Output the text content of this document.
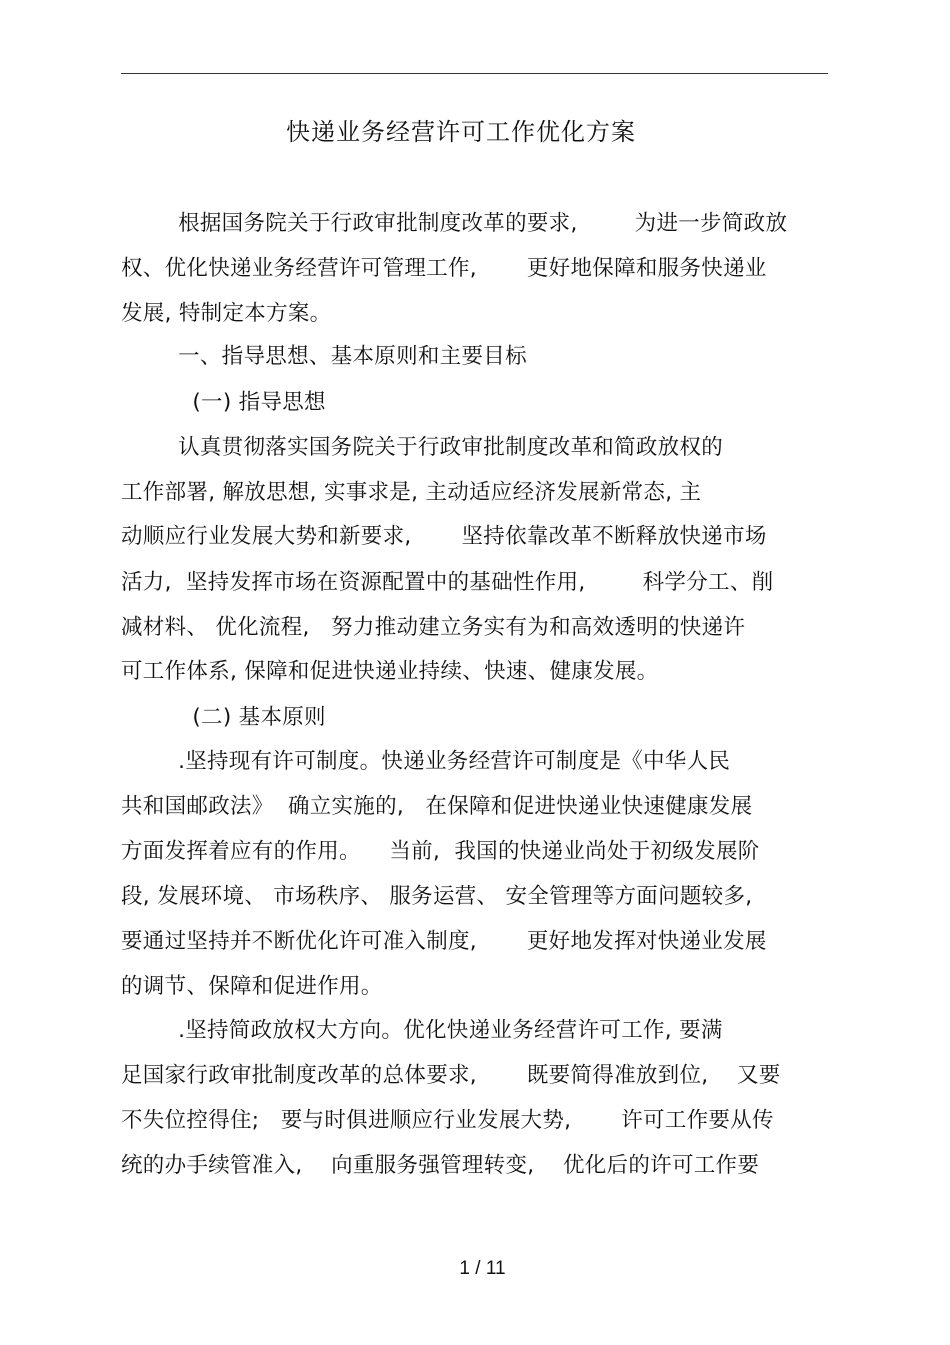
快递业务经营许可工作优化方案
根据国务院关于行政审批制度改革的要求,        为进一步简政放
权、优化快递业务经营许可管理工作,       更好地保障和服务快递业
发展, 特制定本方案。
一、指导思想、基本原则和主要目标
(一) 指导思想
认真贯彻落实国务院关于行政审批制度改革和简政放权的
工作部署, 解放思想, 实事求是, 主动适应经济发展新常态, 主
动顺应行业发展大势和新要求,       坚持依靠改革不断释放快递市场
活力,  坚持发挥市场在资源配置中的基础性作用,        科学分工、削
减材料、 优化流程,   努力推动建立务实有为和高效透明的快递许
可工作体系, 保障和促进快递业持续、快速、健康发展。
(二) 基本原则
.坚持现有许可制度。快递业务经营许可制度是《中华人民
共和国邮政法》  确立实施的,   在保障和促进快递业快速健康发展
方面发挥着应有的作用。    当前,  我国的快递业尚处于初级发展阶
段, 发展环境、 市场秩序、 服务运营、 安全管理等方面问题较多,
要通过坚持并不断优化许可准入制度,       更好地发挥对快递业发展
的调节、保障和促进作用。
.坚持简政放权大方向。优化快递业务经营许可工作, 要满
足国家行政审批制度改革的总体要求,       既要简得准放到位,    又要
不失位控得住;   要与时俱进顺应行业发展大势,       许可工作要从传
统的办手续管准入,    向重服务强管理转变,    优化后的许可工作要
1 / 11
